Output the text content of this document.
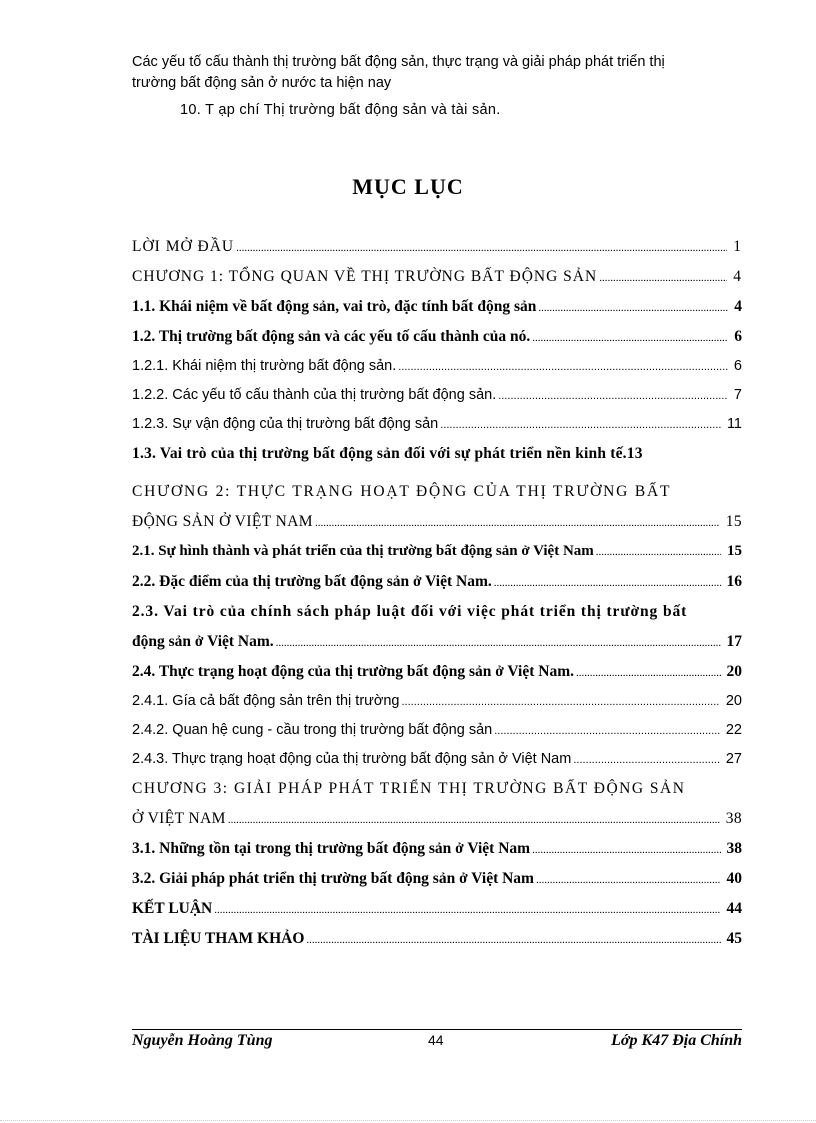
Các yếu tố cấu thành thị trường bất động sản, thực trạng và giải pháp phát triển thị
trường bất động sản ở nước ta hiện nay
10. T ạp chí Thị trường bất động sản và tài sản.
MỤC LỤC
LỜI MỞ ĐẦU .....	1
CHƯƠNG 1: TỔNG QUAN VỀ THỊ TRƯỜNG BẤT ĐỘNG SẢN .....	4
1.1. Khái niệm về bất động sản, vai trò, đặc tính bất động sản .....	4
1.2. Thị trường bất động sản và các yếu tố cấu thành của nó. .....	6
1.2.1. Khái niệm thị trường bất động sản. .....	6
1.2.2. Các yếu tố cấu thành của thị trường bất động sản. .....	7
1.2.3. Sự vận động của thị trường bất động sản .....	11
1.3. Vai trò của thị trường bất động sản đối với sự phát triển nền kinh tế. 13
CHƯƠNG 2: THỰC TRẠNG HOẠT ĐỘNG CỦA THỊ TRƯỜNG BẤT
ĐỘNG SẢN Ở VIỆT NAM .....	15
2.1. Sự hình thành và phát triển của thị trường bất động sản ở Việt Nam .....	15
2.2. Đặc điểm của thị trường bất động sản ở Việt Nam. .....	16
2.3. Vai trò của chính sách pháp luật đối với việc phát triển thị trường bất
động sản ở Việt Nam. .....	17
2.4. Thực trạng hoạt động của thị trường bất động sản ở Việt Nam. .....	20
2.4.1. Gía cả bất động sản trên thị trường .....	20
2.4.2. Quan hệ cung - cầu trong thị trường bất động sản .....	22
2.4.3. Thực trạng hoạt động của thị trường bất động sản ở Việt Nam .....	27
CHƯƠNG 3: GIẢI PHÁP PHÁT TRIỂN THỊ TRƯỜNG BẤT ĐỘNG SẢN
Ở VIỆT NAM .....	38
3.1. Những tồn tại trong thị trường bất động sản ở Việt Nam .....	38
3.2. Giải pháp phát triển thị trường bất động sản ở Việt Nam .....	40
KẾT LUẬN .....	44
TÀI LIỆU THAM KHẢO .....	45
Nguyễn Hoàng Tùng	44	Lớp K47 Địa Chính
